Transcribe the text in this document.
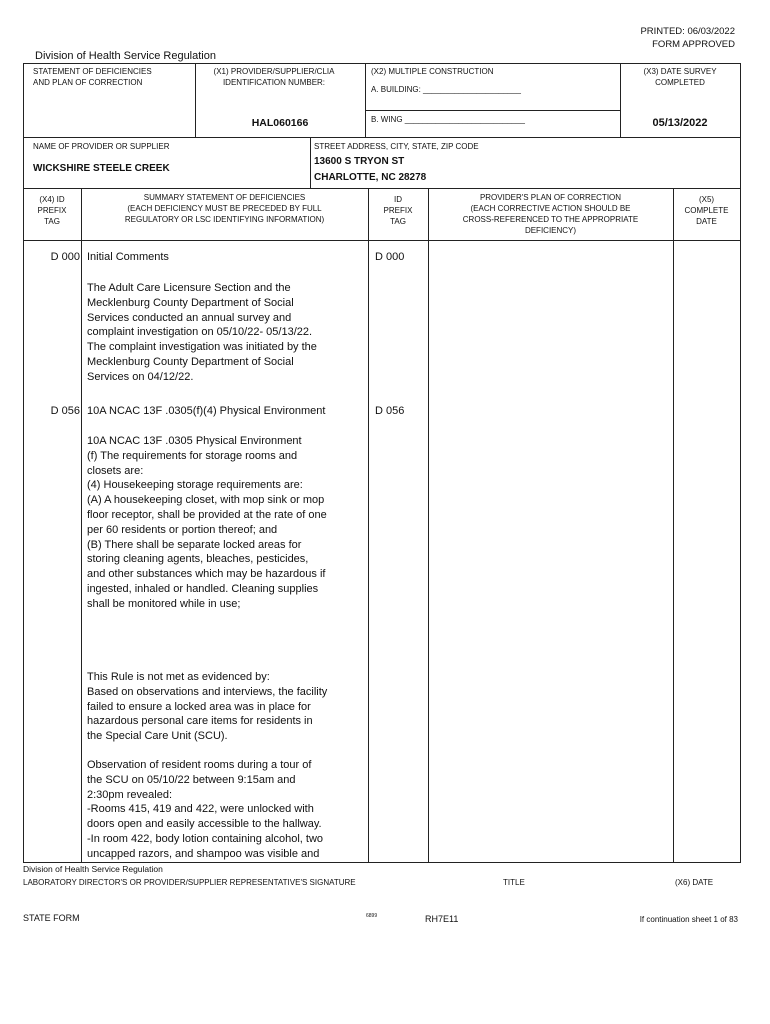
PRINTED: 06/03/2022
FORM APPROVED
Division of Health Service Regulation
STATEMENT OF DEFICIENCIES
AND PLAN OF CORRECTION
(X1) PROVIDER/SUPPLIER/CLIA
IDENTIFICATION NUMBER:
HAL060166
(X2) MULTIPLE CONSTRUCTION
A. BUILDING: ______________________
B. WING ___________________________
(X3) DATE SURVEY
COMPLETED
05/13/2022
NAME OF PROVIDER OR SUPPLIER
WICKSHIRE STEELE CREEK
STREET ADDRESS, CITY, STATE, ZIP CODE
13600 S TRYON ST
CHARLOTTE, NC 28278
(X4) ID
PREFIX
TAG
SUMMARY STATEMENT OF DEFICIENCIES
(EACH DEFICIENCY MUST BE PRECEDED BY FULL
REGULATORY OR LSC IDENTIFYING INFORMATION)
ID
PREFIX
TAG
PROVIDER'S PLAN OF CORRECTION
(EACH CORRECTIVE ACTION SHOULD BE
CROSS-REFERENCED TO THE APPROPRIATE
DEFICIENCY)
(X5)
COMPLETE
DATE
D 000	D 000
Initial Comments
The Adult Care Licensure Section and the
Mecklenburg County Department of Social
Services conducted an annual survey and
complaint investigation on 05/10/22- 05/13/22.
The complaint investigation was initiated by the
Mecklenburg County Department of Social
Services on 04/12/22.
D 056	D 056
10A NCAC 13F .0305(f)(4) Physical Environment
10A NCAC 13F .0305 Physical Environment
(f) The requirements for storage rooms and
closets are:
(4) Housekeeping storage requirements are:
(A) A housekeeping closet, with mop sink or mop
floor receptor, shall be provided at the rate of one
per 60 residents or portion thereof; and
(B) There shall be separate locked areas for
storing cleaning agents, bleaches, pesticides,
and other substances which may be hazardous if
ingested, inhaled or handled. Cleaning supplies
shall be monitored while in use;
This Rule is not met as evidenced by:
Based on observations and interviews, the facility
failed to ensure a locked area was in place for
hazardous personal care items for residents in
the Special Care Unit (SCU).
Observation of resident rooms during a tour of
the SCU on 05/10/22 between 9:15am and
2:30pm revealed:
-Rooms 415, 419 and 422, were unlocked with
doors open and easily accessible to the hallway.
-In room 422, body lotion containing alcohol, two
uncapped razors, and shampoo was visible and
Division of Health Service Regulation
LABORATORY DIRECTOR'S OR PROVIDER/SUPPLIER REPRESENTATIVE'S SIGNATURE	TITLE	(X6) DATE
STATE FORM	6899	RH7E11	If continuation sheet 1 of 83
